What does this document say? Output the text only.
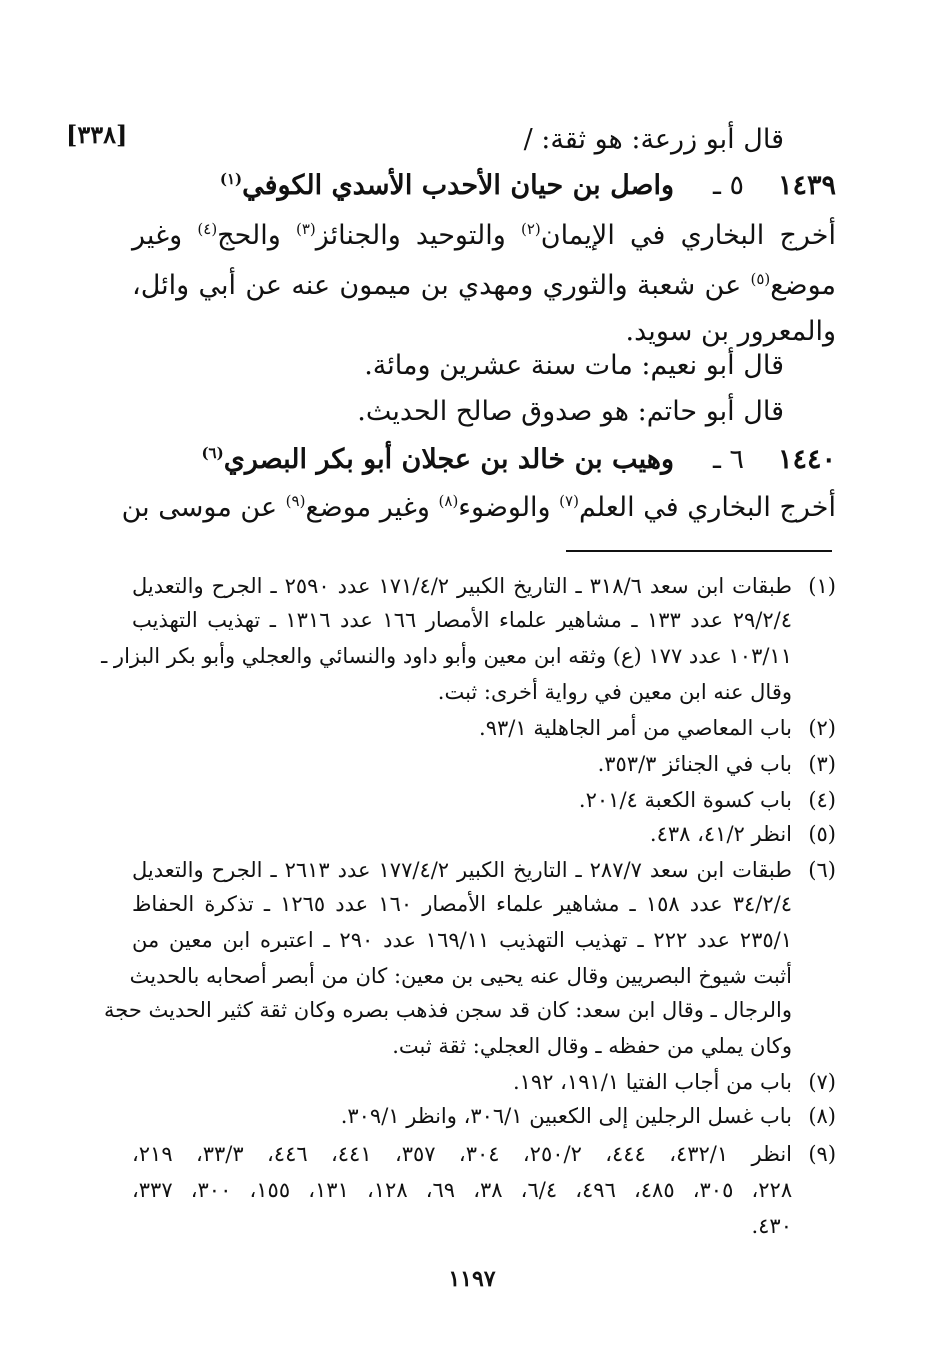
[٣٣٨]	قال أبو زرعة: هو ثقة: /
١٤٣٩٥ ـواصل بن حيان الأحدب الأسدي الكوفي$^{(١)}$
أخرج البخاري في الإيمان$^{(٢)}$ والتوحيد والجنائز$^{(٣)}$ والحج$^{(٤)}$ وغير
موضع$^{(٥)}$ عن شعبة والثوري ومهدي بن ميمون عنه عن أبي وائل،
والمعرور بن سويد.
قال أبو نعيم: مات سنة عشرين ومائة.
قال أبو حاتم: هو صدوق صالح الحديث.
١٤٤٠٦ ـوهيب بن خالد بن عجلان أبو بكر البصري$^{(٦)}$
أخرج البخاري في العلم$^{(٧)}$ والوضوء$^{(٨)}$ وغير موضع$^{(٩)}$ عن موسى بن
(١)طبقات ابن سعد ٣١٨/٦ ـ التاريخ الكبير ١٧١/٤/٢ عدد ٢٥٩٠ ـ الجرح والتعديل
٢٩/٢/٤ عدد ١٣٣ ـ مشاهير علماء الأمصار ١٦٦ عدد ١٣١٦ ـ تهذيب التهذيب
١٠٣/١١ عدد ١٧٧ (ع) وثقه ابن معين وأبو داود والنسائي والعجلي وأبو بكر البزار ـ
وقال عنه ابن معين في رواية أخرى: ثبت.
(٢)باب المعاصي من أمر الجاهلية ٩٣/١.
(٣)باب في الجنائز ٣٥٣/٣.
(٤)باب كسوة الكعبة ٢٠١/٤.
(٥)انظر ٤١/٢، ٤٣٨.
(٦)طبقات ابن سعد ٢٨٧/٧ ـ التاريخ الكبير ١٧٧/٤/٢ عدد ٢٦١٣ ـ الجرح والتعديل
٣٤/٢/٤ عدد ١٥٨ ـ مشاهير علماء الأمصار ١٦٠ عدد ١٢٦٥ ـ تذكرة الحفاظ
٢٣٥/١ عدد ٢٢٢ ـ تهذيب التهذيب ١٦٩/١١ عدد ٢٩٠ ـ اعتبره ابن معين من
أثبت شيوخ البصريين وقال عنه يحيى بن معين: كان من أبصر أصحابه بالحديث
والرجال ـ وقال ابن سعد: كان قد سجن فذهب بصره وكان ثقة كثير الحديث حجة
وكان يملي من حفظه ـ وقال العجلي: ثقة ثبت.
(٧)باب من أجاب الفتيا ١٩١/١، ١٩٢.
(٨)باب غسل الرجلين إلى الكعبين ٣٠٦/١، وانظر ٣٠٩/١.
(٩)انظر ٤٣٢/١، ٤٤٤، ٢٥٠/٢، ٣٠٤، ٣٥٧، ٤٤١، ٤٤٦، ٣٣/٣، ٢١٩،
٢٢٨، ٣٠٥، ٤٨٥، ٤٩٦، ٦/٤، ٣٨، ٦٩، ١٢٨، ١٣١، ١٥٥، ٣٠٠، ٣٣٧،
٤٣٠.
١١٩٧
